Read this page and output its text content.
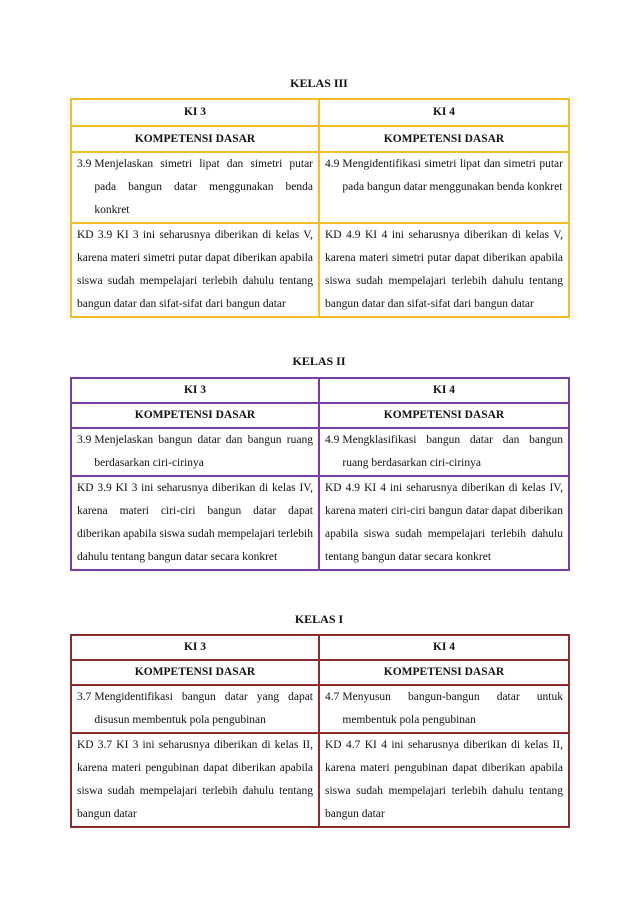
KELAS III
KI 3	KI 4
KOMPETENSI DASAR	KOMPETENSI DASAR

3.9 Menjelaskan simetri lipat dan simetri putar pada bangun datar menggunakan benda konkret	4.9 Mengidentifikasi simetri lipat dan simetri putar pada bangun datar menggunakan benda konkret

KD 3.9 KI 3 ini seharusnya diberikan di kelas V, karena materi simetri putar dapat diberikan apabila siswa sudah mempelajari terlebih dahulu tentang bangun datar dan sifat-sifat dari bangun datar	KD 4.9 KI 4 ini seharusnya diberikan di kelas V, karena materi simetri putar dapat diberikan apabila siswa sudah mempelajari terlebih dahulu tentang bangun datar dan sifat-sifat dari bangun datar
KELAS II
KI 3	KI 4
KOMPETENSI DASAR	KOMPETENSI DASAR

3.9 Menjelaskan bangun datar dan bangun ruang berdasarkan ciri-cirinya	4.9 Mengklasifikasi bangun datar dan bangun ruang berdasarkan ciri-cirinya

KD 3.9 KI 3 ini seharusnya diberikan di kelas IV, karena materi ciri-ciri bangun datar dapat diberikan apabila siswa sudah mempelajari terlebih dahulu tentang bangun datar secara konkret	KD 4.9 KI 4 ini seharusnya diberikan di kelas IV, karena materi ciri-ciri bangun datar dapat diberikan apabila siswa sudah mempelajari terlebih dahulu tentang bangun datar secara konkret
KELAS I
KI 3	KI 4
KOMPETENSI DASAR	KOMPETENSI DASAR

3.7 Mengidentifikasi bangun datar yang dapat disusun membentuk pola pengubinan	4.7 Menyusun bangun-bangun datar untuk membentuk pola pengubinan

KD 3.7 KI 3 ini seharusnya diberikan di kelas II, karena materi pengubinan dapat diberikan apabila siswa sudah mempelajari terlebih dahulu tentang bangun datar	KD 4.7 KI 4 ini seharusnya diberikan di kelas II, karena materi pengubinan dapat diberikan apabila siswa sudah mempelajari terlebih dahulu tentang bangun datar
